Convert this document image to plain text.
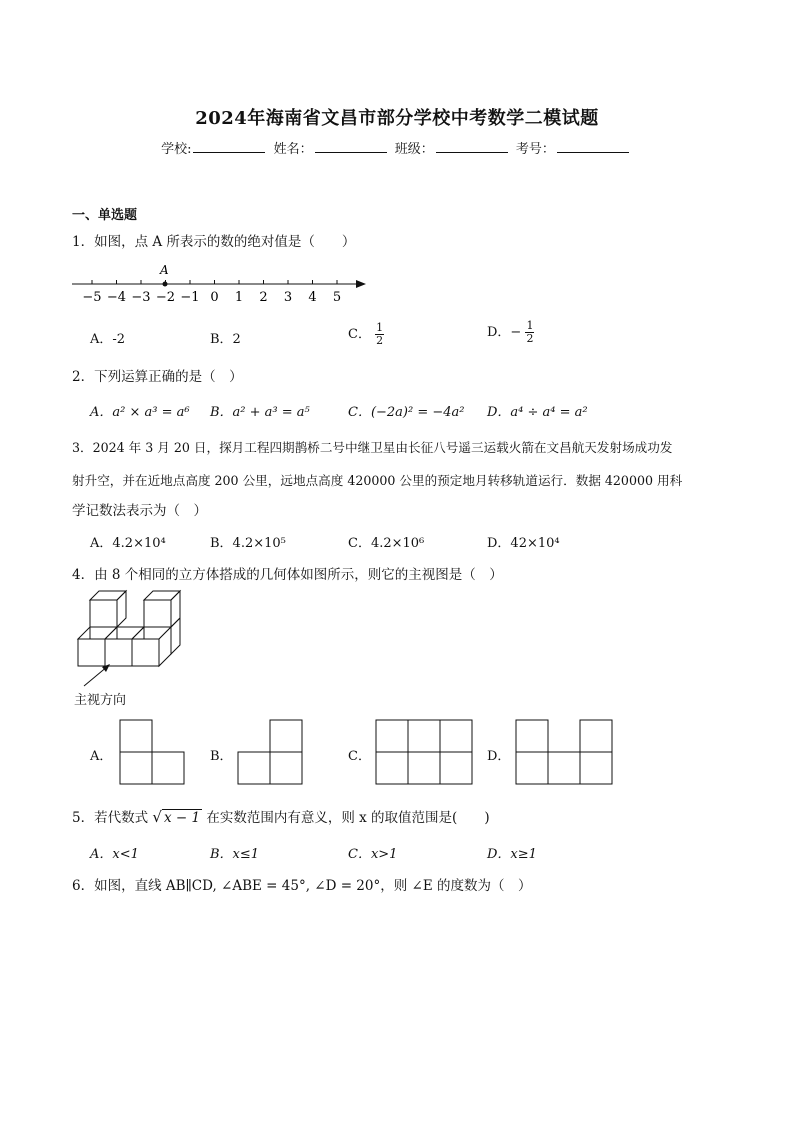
2024年海南省文昌市部分学校中考数学二模试题
学校:	姓名：	班级：	考号：
一、单选题
1．如图，点 A 所表示的数的绝对值是（　　）
−5 −4 −3 −2 −1 0 1 2 3 4 5
A
A．-2	B．2	C． $\frac{1}{2}$	D．− $\frac{1}{2}$
2．下列运算正确的是（　）
A．a² × a³ = a⁶ B．a² + a³ = a⁵	C．(−2a)² = −4a² D．a⁴ ÷ a⁴ = a²
3．2024 年 3 月 20 日，探月工程四期鹊桥二号中继卫星由长征八号遥三运载火箭在文昌航天发射场成功发
射升空，并在近地点高度 200 公里，远地点高度 420000 公里的预定地月转移轨道运行．数据 420000 用科
学记数法表示为（　）
A．4.2×10⁴	B．4.2×10⁵	C．4.2×10⁶	D．42×10⁴
4．由 8 个相同的立方体搭成的几何体如图所示，则它的主视图是（　）
主视方向
A．	B．	C．	D．
5．若代数式 √ x − 1 在实数范围内有意义，则 x 的取值范围是(　　)
A．x<1	B．x≤1	C．x>1	D．x≥1
6．如图，直线 AB∥CD, ∠ABE = 45°, ∠D = 20°，则 ∠E 的度数为（　）
